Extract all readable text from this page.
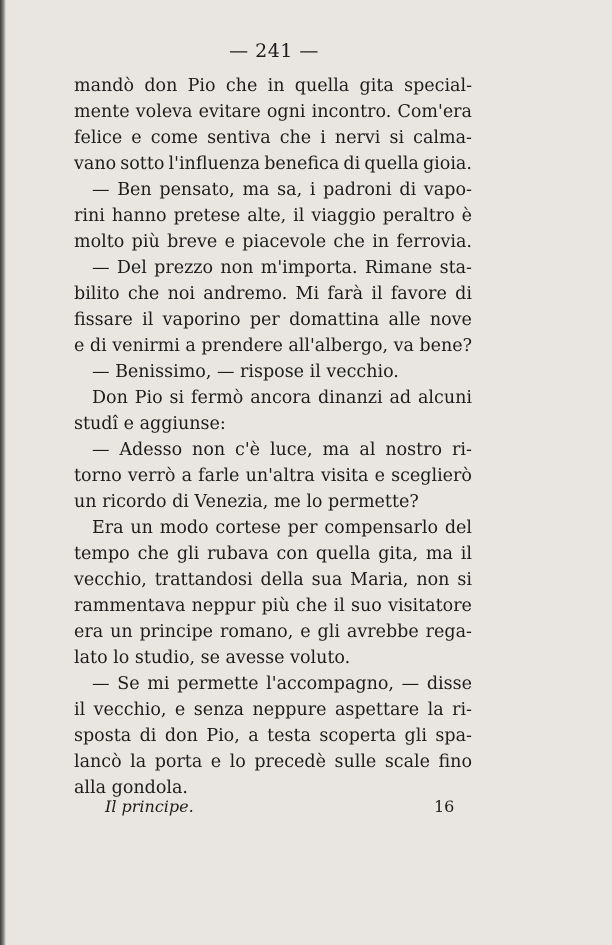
— 241 —
mandò don Pio che in quella gita special-
mente voleva evitare ogni incontro. Com'era
felice e come sentiva che i nervi si calma-
vano sotto l'influenza benefica di quella gioia.
— Ben pensato, ma sa, i padroni di vapo-
rini hanno pretese alte, il viaggio peraltro è
molto più breve e piacevole che in ferrovia.
— Del prezzo non m'importa. Rimane sta-
bilito che noi andremo. Mi farà il favore di
fissare il vaporino per domattina alle nove
e di venirmi a prendere all'albergo, va bene?
— Benissimo, — rispose il vecchio.
Don Pio si fermò ancora dinanzi ad alcuni
studî e aggiunse:
— Adesso non c'è luce, ma al nostro ri-
torno verrò a farle un'altra visita e sceglierò
un ricordo di Venezia, me lo permette?
Era un modo cortese per compensarlo del
tempo che gli rubava con quella gita, ma il
vecchio, trattandosi della sua Maria, non si
rammentava neppur più che il suo visitatore
era un principe romano, e gli avrebbe rega-
lato lo studio, se avesse voluto.
— Se mi permette l'accompagno, — disse
il vecchio, e senza neppure aspettare la ri-
sposta di don Pio, a testa scoperta gli spa-
lancò la porta e lo precedè sulle scale fino
alla gondola.
Il principe.	16
